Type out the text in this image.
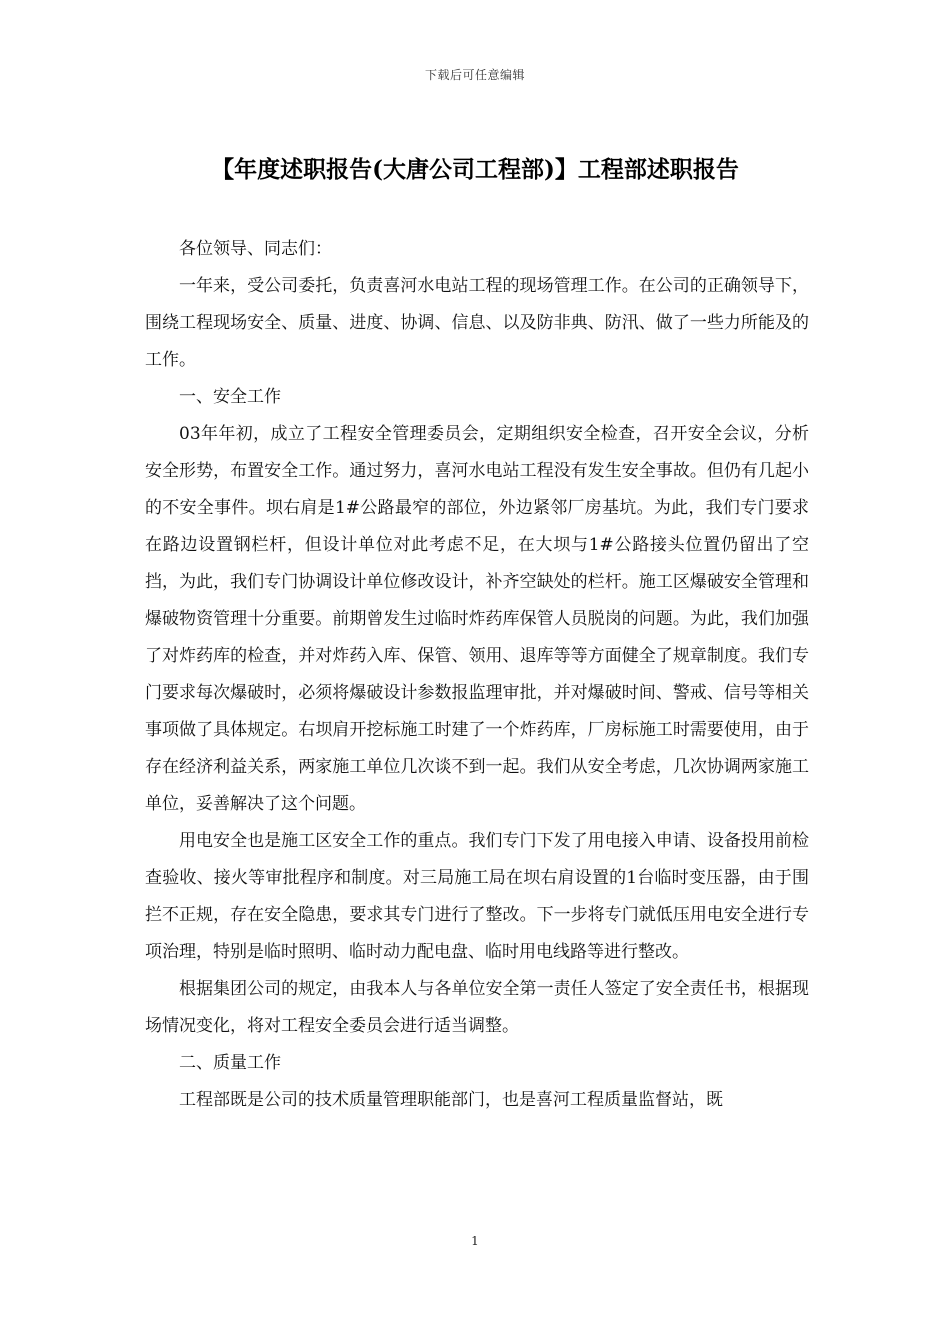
下载后可任意编辑
【年度述职报告(大唐公司工程部)】工程部述职报告

各位领导、同志们：

一年来，受公司委托，负责喜河水电站工程的现场管理工作。在公司的正确领导下，围绕工程现场安全、质量、进度、协调、信息、以及防非典、防汛、做了一些力所能及的工作。

一、安全工作

03年年初，成立了工程安全管理委员会，定期组织安全检查，召开安全会议，分析安全形势，布置安全工作。通过努力，喜河水电站工程没有发生安全事故。但仍有几起小的不安全事件。坝右肩是1#公路最窄的部位，外边紧邻厂房基坑。为此，我们专门要求在路边设置钢栏杆，但设计单位对此考虑不足，在大坝与1#公路接头位置仍留出了空挡，为此，我们专门协调设计单位修改设计，补齐空缺处的栏杆。施工区爆破安全管理和爆破物资管理十分重要。前期曾发生过临时炸药库保管人员脱岗的问题。为此，我们加强了对炸药库的检查，并对炸药入库、保管、领用、退库等等方面健全了规章制度。我们专门要求每次爆破时，必须将爆破设计参数报监理审批，并对爆破时间、警戒、信号等相关事项做了具体规定。右坝肩开挖标施工时建了一个炸药库，厂房标施工时需要使用，由于存在经济利益关系，两家施工单位几次谈不到一起。我们从安全考虑，几次协调两家施工单位，妥善解决了这个问题。

用电安全也是施工区安全工作的重点。我们专门下发了用电接入申请、设备投用前检查验收、接火等审批程序和制度。对三局施工局在坝右肩设置的1台临时变压器，由于围拦不正规，存在安全隐患，要求其专门进行了整改。下一步将专门就低压用电安全进行专项治理，特别是临时照明、临时动力配电盘、临时用电线路等进行整改。

根据集团公司的规定，由我本人与各单位安全第一责任人签定了安全责任书，根据现场情况变化，将对工程安全委员会进行适当调整。

二、质量工作

工程部既是公司的技术质量管理职能部门，也是喜河工程质量监督站，既

1
